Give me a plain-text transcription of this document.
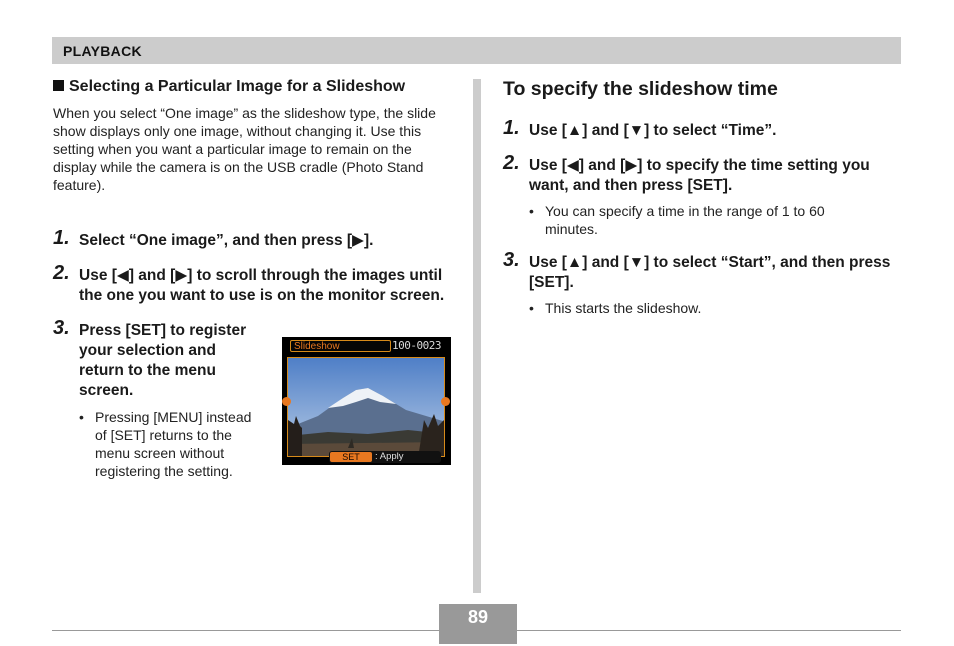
PLAYBACK

Selecting a Particular Image for a Slideshow

When you select “One image” as the slideshow type, the slide show displays only one image, without changing it. Use this setting when you want a particular image to remain on the display while the camera is on the USB cradle (Photo Stand feature).

1. Select “One image”, and then press [▶].
2. Use [◀] and [▶] to scroll through the images until the one you want to use is on the monitor screen.
3. Press [SET] to register your selection and return to the menu screen.
• Pressing [MENU] instead of [SET] returns to the menu screen without registering the setting.
Slideshow	100-0023
SET	: Apply

To specify the slideshow time

1. Use [▲] and [▼] to select “Time”.
2. Use [◀] and [▶] to specify the time setting you want, and then press [SET].
• You can specify a time in the range of 1 to 60 minutes.
3. Use [▲] and [▼] to select “Start”, and then press [SET].
• This starts the slideshow.
89
